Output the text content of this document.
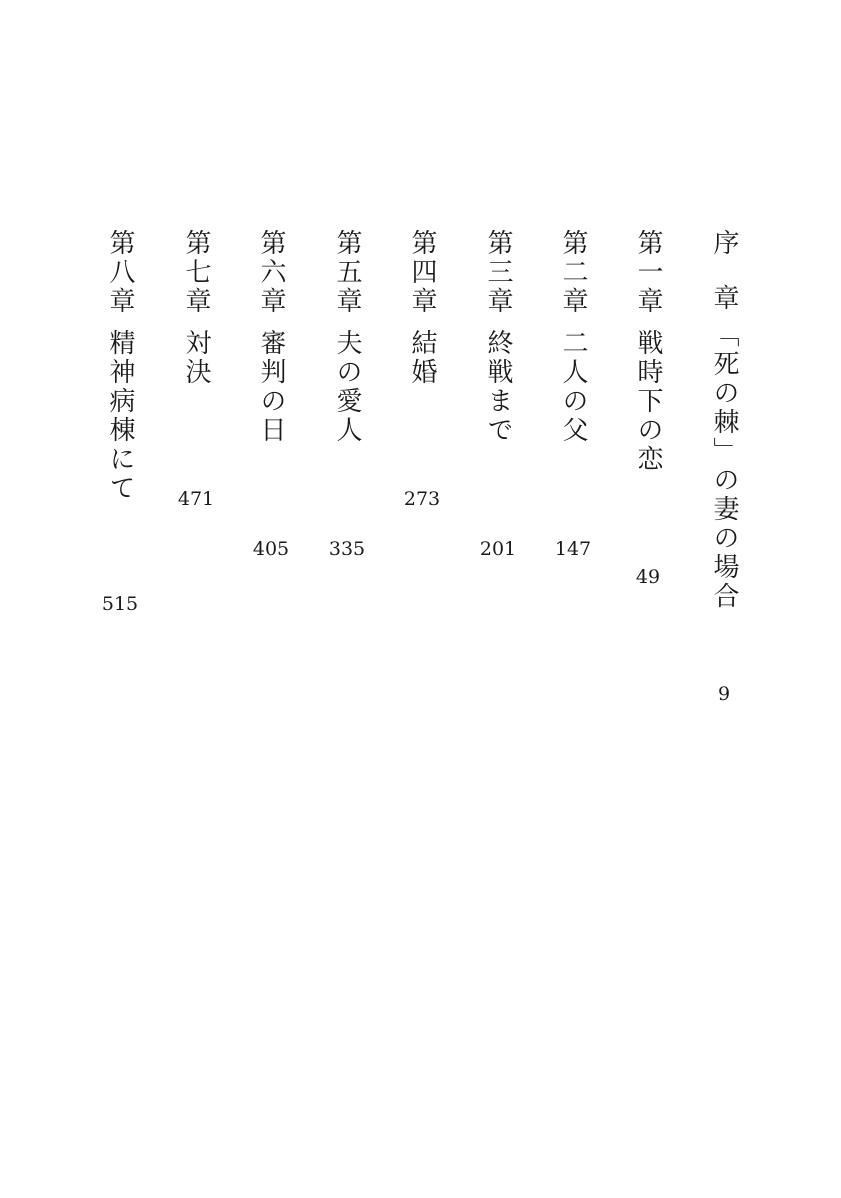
序章
「死の棘」の妻の場合
9
第一章
戦時下の恋
49
第二章
二人の父
147
第三章
終戦まで
201
第四章
結婚
273
第五章
夫の愛人
335
第六章
審判の日
405
第七章
対決
471
第八章
精神病棟にて
515
